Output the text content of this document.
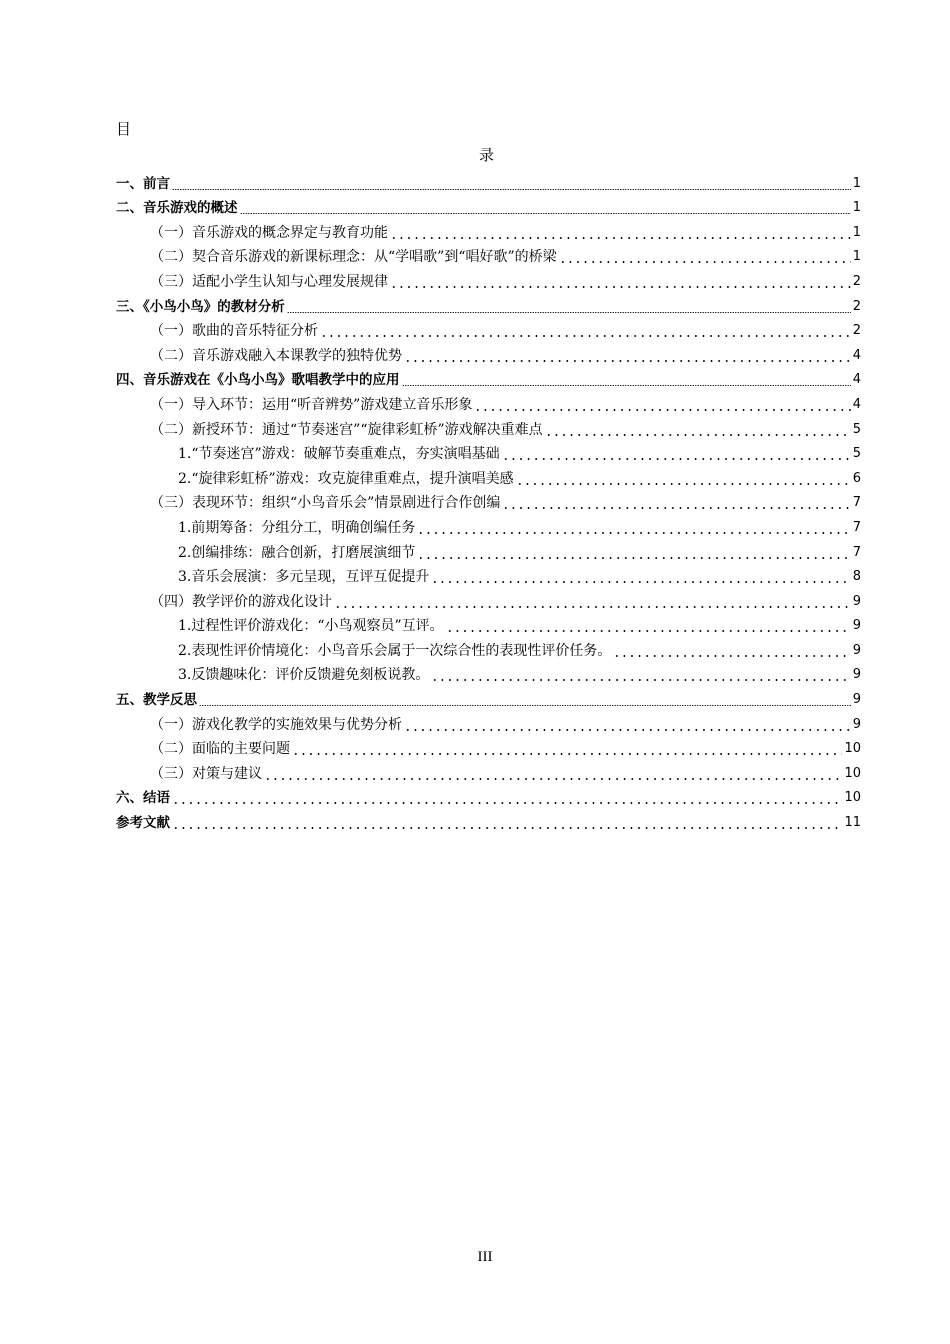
目
录
一、前言	1
二、音乐游戏的概述	1
（一）音乐游戏的概念界定与教育功能	1
（二）契合音乐游戏的新课标理念：从“学唱歌”到“唱好歌”的桥梁	1
（三）适配小学生认知与心理发展规律	2
三、《小鸟小鸟》的教材分析	2
（一）歌曲的音乐特征分析	2
（二）音乐游戏融入本课教学的独特优势	4
四、音乐游戏在《小鸟小鸟》歌唱教学中的应用	4
（一）导入环节：运用“听音辨势”游戏建立音乐形象	4
（二）新授环节：通过“节奏迷宫”“旋律彩虹桥”游戏解决重难点	5
1.“节奏迷宫”游戏：破解节奏重难点，夯实演唱基础	5
2.“旋律彩虹桥”游戏：攻克旋律重难点，提升演唱美感	6
（三）表现环节：组织“小鸟音乐会”情景剧进行合作创编	7
1.前期筹备：分组分工，明确创编任务	7
2.创编排练：融合创新，打磨展演细节	7
3.音乐会展演：多元呈现，互评互促提升	8
（四）教学评价的游戏化设计	9
1.过程性评价游戏化：“小鸟观察员”互评。	9
2.表现性评价情境化：小鸟音乐会属于一次综合性的表现性评价任务。	9
3.反馈趣味化：评价反馈避免刻板说教。	9
五、教学反思	9
（一）游戏化教学的实施效果与优势分析	9
（二）面临的主要问题	10
（三）对策与建议	10
六、结语	10
参考文献	11
III
